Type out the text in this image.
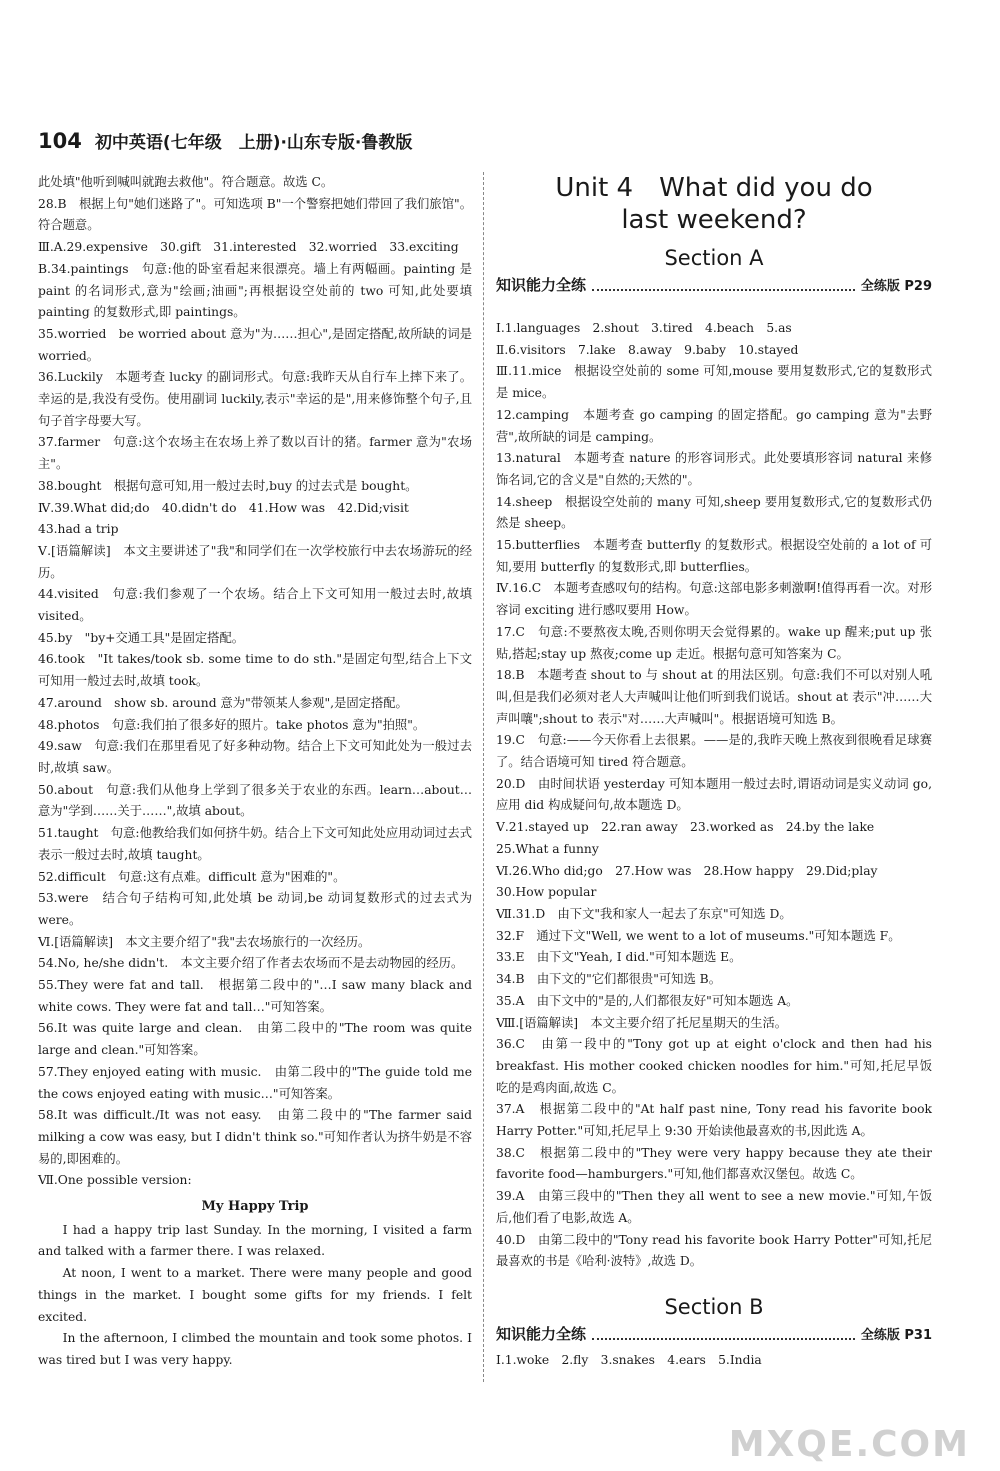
104 初中英语(七年级　上册)·山东专版·鲁教版

此处填"他听到喊叫就跑去救他"。符合题意。故选 C。

28.B　根据上句"她们迷路了"。可知选项 B"一个警察把她们带回了我们旅馆"。符合题意。

Ⅲ.A.29.expensive　30.gift　31.interested　32.worried　33.exciting

B.34.paintings　句意:他的卧室看起来很漂亮。墙上有两幅画。painting 是 paint 的名词形式,意为"绘画;油画";再根据设空处前的 two 可知,此处要填 painting 的复数形式,即 paintings。

35.worried　be worried about 意为"为……担心",是固定搭配,故所缺的词是 worried。

36.Luckily　本题考查 lucky 的副词形式。句意:我昨天从自行车上摔下来了。幸运的是,我没有受伤。使用副词 luckily,表示"幸运的是",用来修饰整个句子,且句子首字母要大写。

37.farmer　句意:这个农场主在农场上养了数以百计的猪。farmer 意为"农场主"。

38.bought　根据句意可知,用一般过去时,buy 的过去式是 bought。

Ⅳ.39.What did;do　40.didn't do　41.How was　42.Did;visit

43.had a trip

Ⅴ.[语篇解读]　本文主要讲述了"我"和同学们在一次学校旅行中去农场游玩的经历。

44.visited　句意:我们参观了一个农场。结合上下文可知用一般过去时,故填 visited。

45.by　"by+交通工具"是固定搭配。

46.took　"It takes/took sb. some time to do sth."是固定句型,结合上下文可知用一般过去时,故填 took。

47.around　show sb. around 意为"带领某人参观",是固定搭配。

48.photos　句意:我们拍了很多好的照片。take photos 意为"拍照"。

49.saw　句意:我们在那里看见了好多种动物。结合上下文可知此处为一般过去时,故填 saw。

50.about　句意:我们从他身上学到了很多关于农业的东西。learn…about…意为"学到……关于……",故填 about。

51.taught　句意:他教给我们如何挤牛奶。结合上下文可知此处应用动词过去式表示一般过去时,故填 taught。

52.difficult　句意:这有点难。difficult 意为"困难的"。

53.were　结合句子结构可知,此处填 be 动词,be 动词复数形式的过去式为 were。

Ⅵ.[语篇解读]　本文主要介绍了"我"去农场旅行的一次经历。

54.No, he/she didn't.　本文主要介绍了作者去农场而不是去动物园的经历。

55.They were fat and tall.　根据第二段中的"…I saw many black and white cows. They were fat and tall…"可知答案。

56.It was quite large and clean.　由第二段中的"The room was quite large and clean."可知答案。

57.They enjoyed eating with music.　由第二段中的"The guide told me the cows enjoyed eating with music…"可知答案。

58.It was difficult./It was not easy.　由第二段中的"The farmer said milking a cow was easy, but I didn't think so."可知作者认为挤牛奶是不容易的,即困难的。

Ⅶ.One possible version:

My Happy Trip

I had a happy trip last Sunday. In the morning, I visited a farm and talked with a farmer there. I was relaxed.

At noon, I went to a market. There were many people and good things in the market. I bought some gifts for my friends. I felt excited.

In the afternoon, I climbed the mountain and took some photos. I was tired but I was very happy.

Unit 4　What did you do
last weekend?
Section A
知识能力全练	全练版 P29

Ⅰ.1.languages　2.shout　3.tired　4.beach　5.as

Ⅱ.6.visitors　7.lake　8.away　9.baby　10.stayed

Ⅲ.11.mice　根据设空处前的 some 可知,mouse 要用复数形式,它的复数形式是 mice。

12.camping　本题考查 go camping 的固定搭配。go camping 意为"去野营",故所缺的词是 camping。

13.natural　本题考查 nature 的形容词形式。此处要填形容词 natural 来修饰名词,它的含义是"自然的;天然的"。

14.sheep　根据设空处前的 many 可知,sheep 要用复数形式,它的复数形式仍然是 sheep。

15.butterflies　本题考查 butterfly 的复数形式。根据设空处前的 a lot of 可知,要用 butterfly 的复数形式,即 butterflies。

Ⅳ.16.C　本题考查感叹句的结构。句意:这部电影多刺激啊!值得再看一次。对形容词 exciting 进行感叹要用 How。

17.C　句意:不要熬夜太晚,否则你明天会觉得累的。wake up 醒来;put up 张贴,搭起;stay up 熬夜;come up 走近。根据句意可知答案为 C。

18.B　本题考查 shout to 与 shout at 的用法区别。句意:我们不可以对别人吼叫,但是我们必须对老人大声喊叫让他们听到我们说话。shout at 表示"冲……大声叫嚷";shout to 表示"对……大声喊叫"。根据语境可知选 B。

19.C　句意:——今天你看上去很累。——是的,我昨天晚上熬夜到很晚看足球赛了。结合语境可知 tired 符合题意。

20.D　由时间状语 yesterday 可知本题用一般过去时,谓语动词是实义动词 go,应用 did 构成疑问句,故本题选 D。

Ⅴ.21.stayed up　22.ran away　23.worked as　24.by the lake

25.What a funny

Ⅵ.26.Who did;go　27.How was　28.How happy　29.Did;play

30.How popular

Ⅶ.31.D　由下文"我和家人一起去了东京"可知选 D。

32.F　通过下文"Well, we went to a lot of museums."可知本题选 F。

33.E　由下文"Yeah, I did."可知本题选 E。

34.B　由下文的"它们都很贵"可知选 B。

35.A　由下文中的"是的,人们都很友好"可知本题选 A。

Ⅷ.[语篇解读]　本文主要介绍了托尼星期天的生活。

36.C　由第一段中的"Tony got up at eight o'clock and then had his breakfast. His mother cooked chicken noodles for him."可知,托尼早饭吃的是鸡肉面,故选 C。

37.A　根据第二段中的"At half past nine, Tony read his favorite book Harry Potter."可知,托尼早上 9:30 开始读他最喜欢的书,因此选 A。

38.C　根据第二段中的"They were very happy because they ate their favorite food—hamburgers."可知,他们都喜欢汉堡包。故选 C。

39.A　由第三段中的"Then they all went to see a new movie."可知,午饭后,他们看了电影,故选 A。

40.D　由第二段中的"Tony read his favorite book Harry Potter"可知,托尼最喜欢的书是《哈利·波特》,故选 D。

Section B
知识能力全练	全练版 P31

Ⅰ.1.woke　2.fly　3.snakes　4.ears　5.India

MXQE.COM
